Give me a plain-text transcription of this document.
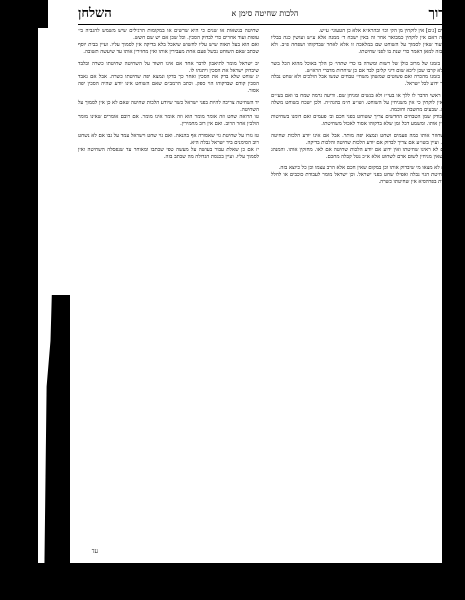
השלחן	הלכות שחיטה סימן א	ערוך ג

מעשים [ג׳ם] אין לוקחין מן הק׳ וכו׳ ובהרא״א אלא כן הטעוני׳ ע״ש.

עיש״ה דאם אין לוקחין כמבואר אחר זה באין ישכח ד׳ ממנה אלא ע״ש ועושין כנה בבליו בנין ועוד שאין לסמוך על השוחט שם במלאכה זו אלא לאחר שבדקוהו ושפחה פ״ב. ולא חשו בזה למאן דאמר כדי שנת בו לפני שחיטתו.

ד ובן בזמנו של מרוב כולן של רשות ומשרה בו כדי שתהי׳ כן הלך באוכל מהוא הכל בשר והם לא קרבו שכן ליכא שום דיני קליבן לבד אם כן שיחרות מדברי הרא״ש.

ה ובן בזמנו מהכרה ואם פשוטים שמשהן משחי׳ טבחים שנשו אבל הולכים ולא שחט נבלה והדבר ידוע לכל ישראל.

ו אם ראשי הדבר לו ללך או בעי״ז ולא בנשים ומניחן שם. ודיעה גרמה שמח בו ואם בעי״ם כנה אין לוקחין כי אין משגיחין על השוחט. ושו״ע ח״מ בהגה״ה. ולכן ישכח בשוחט משלה מדבה. שבעים מחשבה וחוכמה.

ז מן בודק שמן הטבחים החדשים צריך ששוחט בפני חכם וב׳ פעמים ואם דומנו בשחיטות מחזקין אותו. ומשמע דכל זמן שלא בדקוהו אסור לאכול משחיטתו.

ח כשחוזר אותו כמה פעמים ושחט ונמצא יפה מותר. אבל אם אינו יודע הלכות שחיטה אסור. ועיין בשו״ע אם צריך לבדוק אם יודע הלכות שחיטה והלכות בדיקה.

ט אם לא ראינו שחיטתו ואין ידוע אם יודע הלכות שחיטה אם לאו. מחזקין אותו. והמנהג הוא שאין מניחין לשום אדם לשחוט אלא א״כ נטל קבלה מחכם.

י ואם לא מצאו מי שיבדוק אותו וכן במקום שאין חכם אלא הרב עצמו וכן כל כיוצא בזה.

יא שחיטת הגוי נבלה ואפילו שחט בפני ישראל. וכן ישראל מומר לעבודת כוכבים או לחלל שבתות בפרהסיא אין שחיטתו כשרה.

שחיטה בנשאות או שנים כי היא שרשים או במקומות הרגילים שיש משמש להגביה בי׳ עופות ועוד אחרים כדי לבדוק הסכין. וכל שכן אם יש שם חשש.

ואם הוא בעל תאוה שיש עליו לחשוש שיאכל בלא בדיקה אין לסמוך עליו. ועיין בבית יוסף שכתב שאם השוחט נכשל פעם אחת מעבירין אותו ואין מחזירין אותו עד שיעשה תשובה.

יב ישראל מומר לתיאבון לדבר אחד אם אינו חשוד על השחיטה שחיטתו כשרה ובלבד שיבדוק ישראל את הסכין ויתנהו לו.

יג שוחט שלא בדק את הסכין ואחר כך בדקו ונמצא יפה שחיטתו כשרה. אבל אם נאבד הסכין קודם שבדקוהו הוי ספק. וכתב הרמב״ם שאם השוחט אינו יודע שהיה הסכין יפה אסור.

יד השחיטה צריכה להיות בפני ישראל כשר שיודע הלכות שחיטה שאם לא כן אין לסמוך על השחיטה.

טו הרואה שחט וזה אומר מומר הוא וזה אומר אינו מומר. אם רובם אומרים שאינו מומר הולכין אחר הרוב. ואם אין רוב מחמירין.

טז גזרו על שחיטת גוי שאסורה אף בהנאה. ואם גוי שחט וישראל עמד על גבו אם לא נשחט רוב הסימנים ביד ישראל נבלה היא.

יז אם כן שאלת עבור בעושה על מעשה טפי שכתבו ומאוחר עד שנפסלה השחיטה ואין לסמוך עליו. ועיין בכנסת הגדולה מה שכתב בזה.

עד
